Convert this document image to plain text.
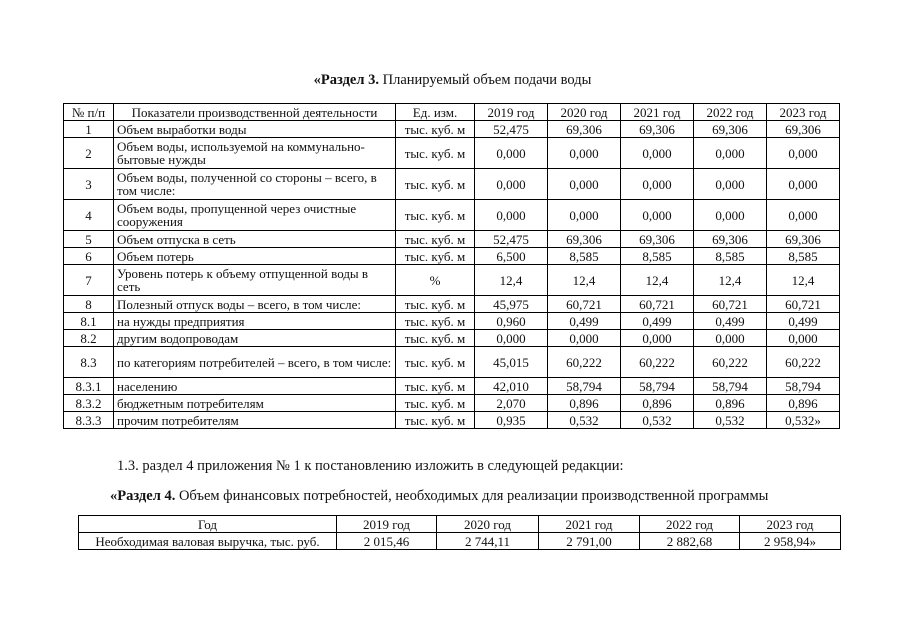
«Раздел 3. Планируемый объем подачи воды
№ п/п	Показатели производственной деятельности	Ед. изм.	2019 год	2020 год	2021 год	2022 год	2023 год
1	Объем выработки воды	тыс. куб. м	52,475	69,306	69,306	69,306	69,306
2	Объем воды, используемой на коммунально-бытовые нужды	тыс. куб. м	0,000	0,000	0,000	0,000	0,000
3	Объем воды, полученной со стороны – всего, в том числе:	тыс. куб. м	0,000	0,000	0,000	0,000	0,000
4	Объем воды, пропущенной через очистные сооружения	тыс. куб. м	0,000	0,000	0,000	0,000	0,000
5	Объем отпуска в сеть	тыс. куб. м	52,475	69,306	69,306	69,306	69,306
6	Объем потерь	тыс. куб. м	6,500	8,585	8,585	8,585	8,585
7	Уровень потерь к объему отпущенной воды в сеть	%	12,4	12,4	12,4	12,4	12,4
8	Полезный отпуск воды – всего, в том числе:	тыс. куб. м	45,975	60,721	60,721	60,721	60,721
8.1	на нужды предприятия	тыс. куб. м	0,960	0,499	0,499	0,499	0,499
8.2	другим водопроводам	тыс. куб. м	0,000	0,000	0,000	0,000	0,000
8.3	по категориям потребителей – всего, в том числе:	тыс. куб. м	45,015	60,222	60,222	60,222	60,222
8.3.1	населению	тыс. куб. м	42,010	58,794	58,794	58,794	58,794
8.3.2	бюджетным потребителям	тыс. куб. м	2,070	0,896	0,896	0,896	0,896
8.3.3	прочим потребителям	тыс. куб. м	0,935	0,532	0,532	0,532	0,532»
1.3. раздел 4 приложения № 1 к постановлению изложить в следующей редакции:
«Раздел 4. Объем финансовых потребностей, необходимых для реализации производственной программы
Год	2019 год	2020 год	2021 год	2022 год	2023 год
Необходимая валовая выручка, тыс. руб.	2 015,46	2 744,11	2 791,00	2 882,68	2 958,94»
